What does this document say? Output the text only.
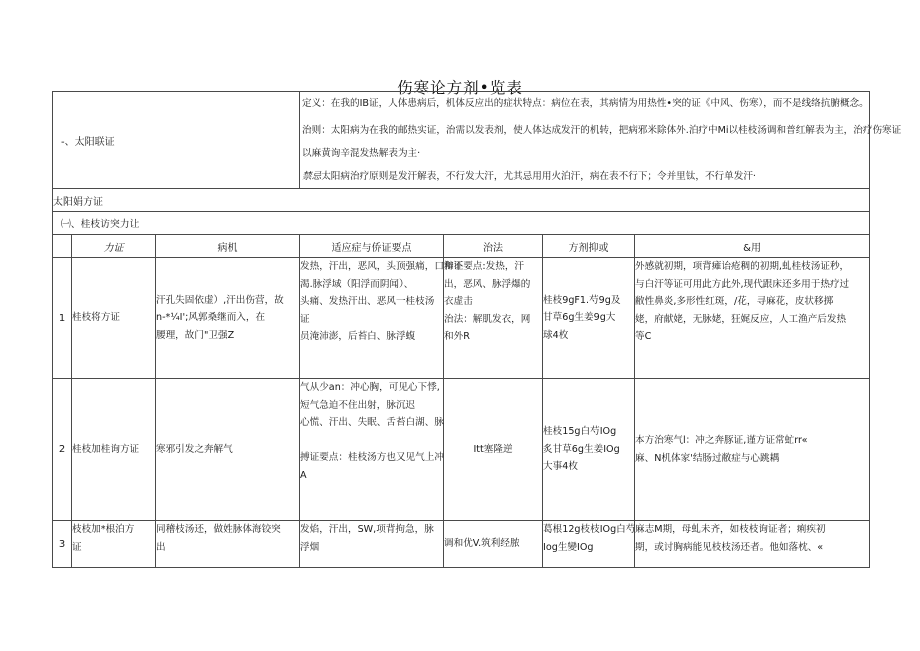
伤寒论方剂•览表
-、太阳联证			定义：在我的IB证，人体患病后，机体反应出的症状特点：病位在表，其病情为用热性•突的证《中风、伤寒），而不是线络抗腑概念。

治则：太阳病为在我的邮热实证，治需以发表剂，使人体达成发汗的机转，把病邪米除体外.泊疗中Mi以桂枝汤调和普红解表为主，治疗伤寒证

以麻黄询辛混发热解表为主·

禁忌太阳病治疗原则是发汗解表，不行发大汗，尤其忌用用火泊汗，病在表不行下；令并里钛，不行单发汗·			

太阳娟方证						
㈠、桂枝访突力让						
	力证	病机	适应症与侨证要点	治法	方剂抑或	&用
1	桂枝将方证	汗孔失固依虚）,汗出伤营，故
n-*¼I';风郭桑继而入，在
腰理，故门"卫强Z	发热，汗出，恶风，头顶强痛，口和不
渴.脉浮域（阳浮而阴闻）、
头痛、发热汗出、恶风一桂枝汤
证
员淹沛澎，后苔白、脉浮蝮	辩证要点:发热，汗
出，恶风、脉浮爆的
衣虚击
治法：解肌发衣，网
和外R	桂枝9gF1.芍9g及
甘草6g生姜9g大
球4枚	外感就初期，项背瘫诒疮稠的初期,虬桂枝汤证秒，
与白汗等证可用此方此外,现代跟床还多用于热疗过
敝性鼻炎,多形性红斑，/花，寻麻花，皮状移掷
姥，府献姥，无脉姥，狂娓反应，人工渔产后发热
等C

2	桂枝加桂询方证	寒邪引发之奔解气	气从少an：冲心胸，可见心下悸,
短气急迫不住出射，脉沉迟
心慌、汗出、失眠、舌苔白湖、脉
搏证要点：桂枝汤方也又见气上冲
A	Itt塞隆逆	桂枝15g白芍IOg
炙甘草6g生姜IOg
大事4枚	本方治寒气l：冲之奔豚证,谨方证常虻rr«
麻、N机体家'结肠过敝症与心跳耦

3	枝枝加*根泊方
证	同稽枝汤还，做姓脉体海铰突
出	发焰，汗出，SW,项背拘急，脉
浮烟	调和优V.筑利经脓	葛根12g枝枝IOg白芍
Iog生變IOg	麻志M期，母虬未齐，如枝枝询证者；痢疾初
期，或讨胸病能见枝枝汤还者。他如落枕、«
